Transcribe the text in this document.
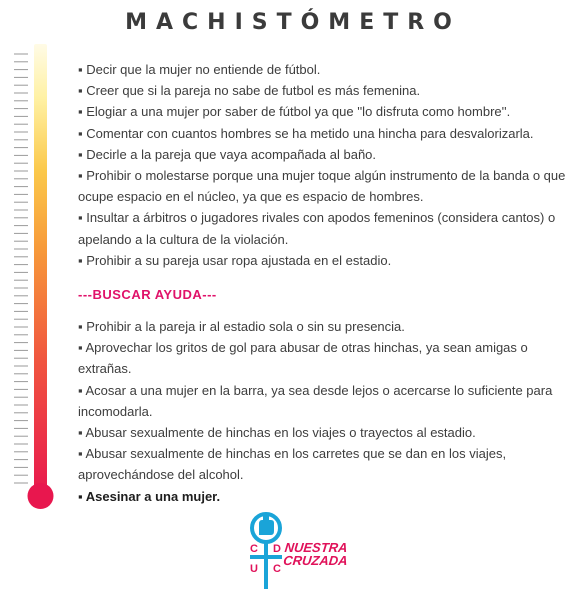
MACHISTÓMETRO

▪ Decir que la mujer no entiende de fútbol.

▪ Creer que si la pareja no sabe de futbol es más femenina.

▪ Elogiar a una mujer por saber de fútbol ya que ''lo disfruta como hombre''.

▪ Comentar con cuantos hombres se ha metido una hincha para desvalorizarla.

▪ Decirle a la pareja que vaya acompañada al baño.

▪ Prohibir o molestarse porque una mujer toque algún instrumento de la banda o que ocupe espacio en el núcleo, ya que es espacio de hombres.

▪ Insultar a árbitros o jugadores rivales con apodos femeninos (considera cantos) o apelando a la cultura de la violación.

▪ Prohibir a su pareja usar ropa ajustada en el estadio.

---BUSCAR AYUDA---

▪ Prohibir a la pareja ir al estadio sola o sin su presencia.

▪ Aprovechar los gritos de gol para abusar de otras hinchas, ya sean amigas o extrañas.

▪ Acosar a una mujer en la barra, ya sea desde lejos o acercarse lo suficiente para incomodarla.

▪ Abusar sexualmente de hinchas en los viajes o trayectos al estadio.

▪ Abusar sexualmente de hinchas en los carretes que se dan en los viajes, aprovechándose del alcohol.

▪ Asesinar a una mujer.

C D
U C
NUESTRA
CRUZADA
